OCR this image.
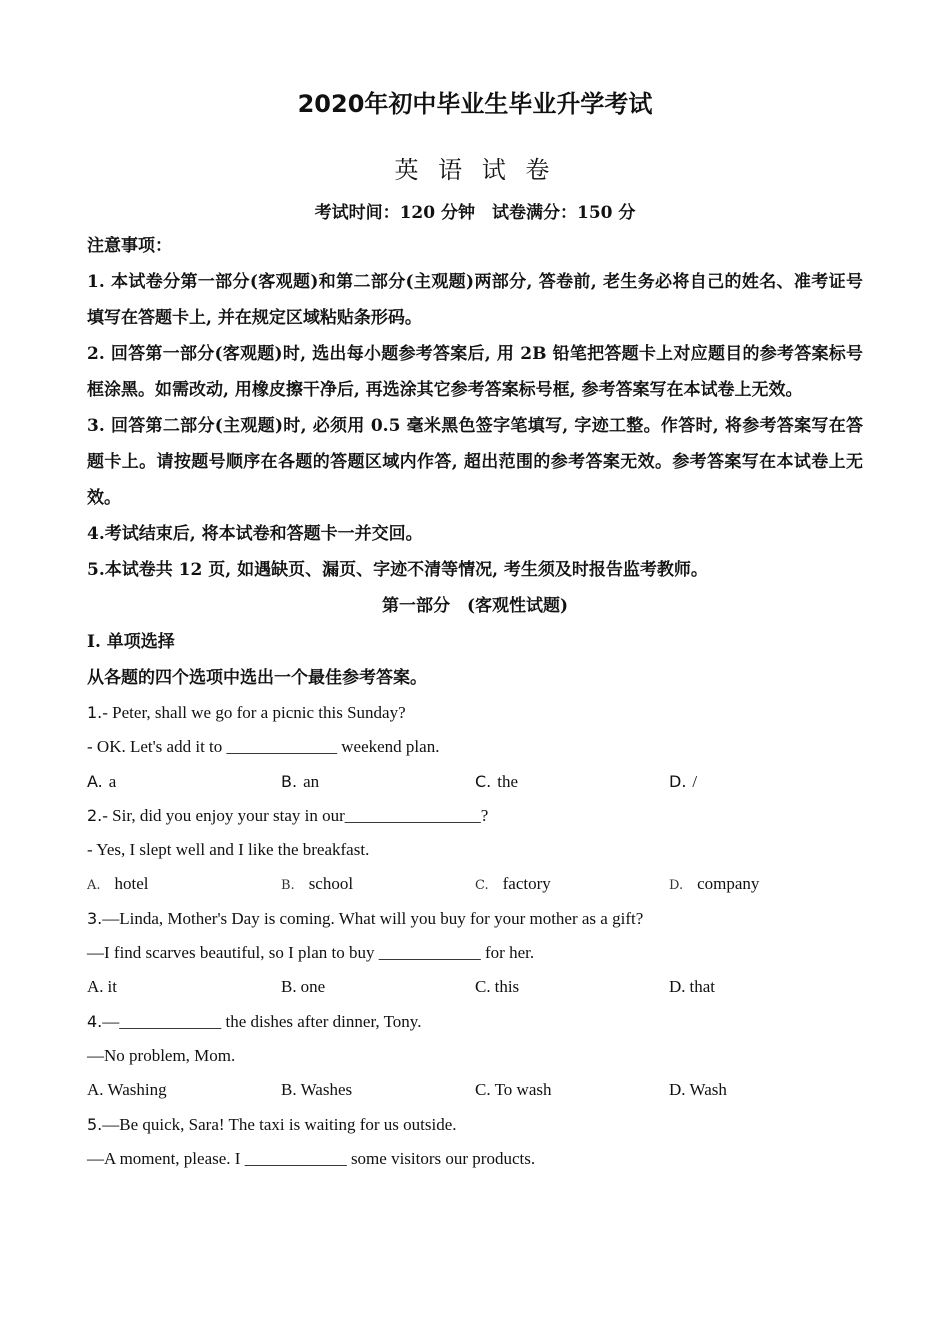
2020年初中毕业生毕业升学考试
英 语 试 卷
考试时间：120 分钟　试卷满分：150 分
注意事项：

1. 本试卷分第一部分(客观题)和第二部分(主观题)两部分, 答卷前, 老生务必将自己的姓名、准考证号填写在答题卡上, 并在规定区域粘贴条形码。

2. 回答第一部分(客观题)时, 选出每小题参考答案后, 用 2B 铅笔把答题卡上对应题目的参考答案标号框涂黑。如需改动, 用橡皮擦干净后, 再选涂其它参考答案标号框, 参考答案写在本试卷上无效。

3. 回答第二部分(主观题)时, 必须用 0.5 毫米黑色签字笔填写, 字迹工整。作答时, 将参考答案写在答题卡上。请按题号顺序在各题的答题区域内作答, 超出范围的参考答案无效。参考答案写在本试卷上无效。

4.考试结束后, 将本试卷和答题卡一并交回。

5.本试卷共 12 页, 如遇缺页、漏页、字迹不清等情况, 考生须及时报告监考教师。

第一部分　(客观性试题)
I. 单项选择
从各题的四个选项中选出一个最佳参考答案。
1.- Peter, shall we go for a picnic this Sunday?
- OK. Let's add it to _____________ weekend plan.
A. a	B. an	C. the	D. /
2.- Sir, did you enjoy your stay in our________________?
- Yes, I slept well and I like the breakfast.
A. hotel	B. school	C. factory	D. company
3.—Linda, Mother's Day is coming. What will you buy for your mother as a gift?
—I find scarves beautiful, so I plan to buy ____________ for her.
A. it	B. one	C. this	D. that
4.—____________ the dishes after dinner, Tony.
—No problem, Mom.
A. Washing	B. Washes	C. To wash	D. Wash
5.—Be quick, Sara! The taxi is waiting for us outside.
—A moment, please. I ____________ some visitors our products.
